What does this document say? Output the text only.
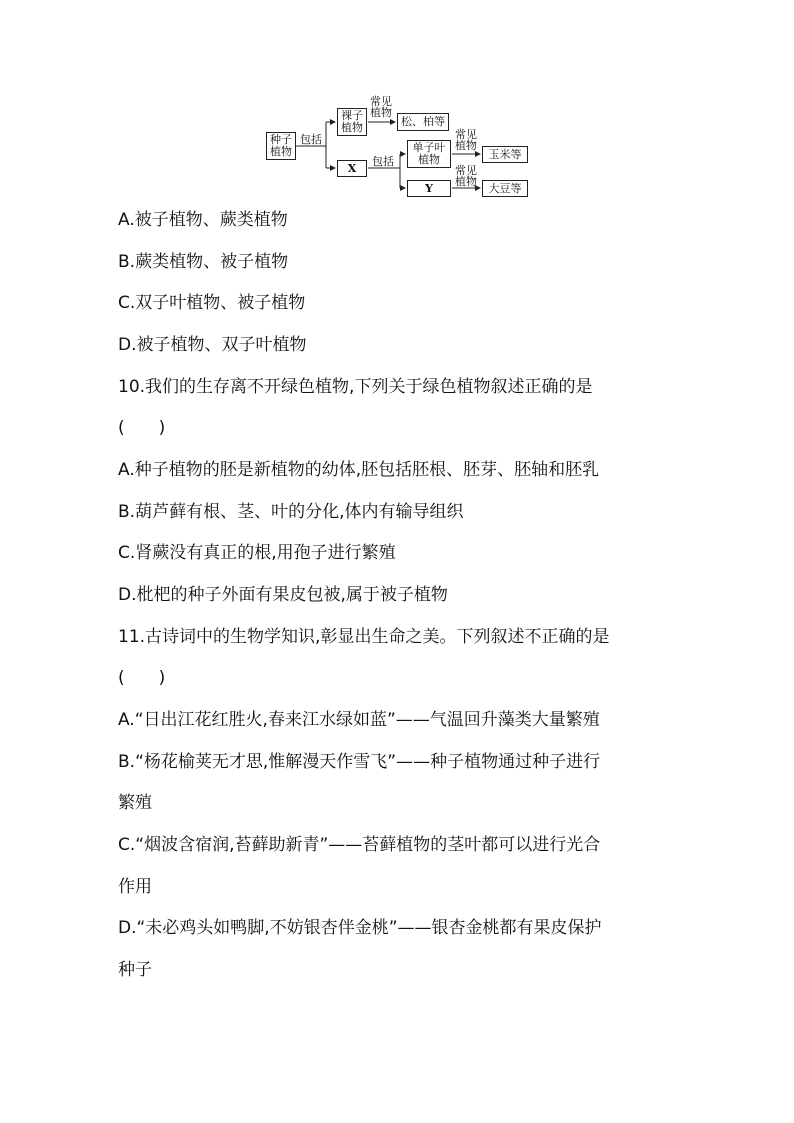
种子
植物
包括
裸子
植物
常见
植物
松、柏等
X	包括
单子叶
植物
常见
植物
玉米等
Y
常见
植物	大豆等
A.被子植物、蕨类植物
B.蕨类植物、被子植物
C.双子叶植物、被子植物
D.被子植物、双子叶植物
10.我们的生存离不开绿色植物,下列关于绿色植物叙述正确的是
(　　)
A.种子植物的胚是新植物的幼体,胚包括胚根、胚芽、胚轴和胚乳
B.葫芦藓有根、茎、叶的分化,体内有输导组织
C.肾蕨没有真正的根,用孢子进行繁殖
D.枇杷的种子外面有果皮包被,属于被子植物
11.古诗词中的生物学知识,彰显出生命之美。下列叙述不正确的是
(　　)
A.“日出江花红胜火,春来江水绿如蓝”——气温回升藻类大量繁殖
B.“杨花榆荚无才思,惟解漫天作雪飞”——种子植物通过种子进行
繁殖
C.“烟波含宿润,苔藓助新青”——苔藓植物的茎叶都可以进行光合
作用
D.“未必鸡头如鸭脚,不妨银杏伴金桃”——银杏金桃都有果皮保护
种子
